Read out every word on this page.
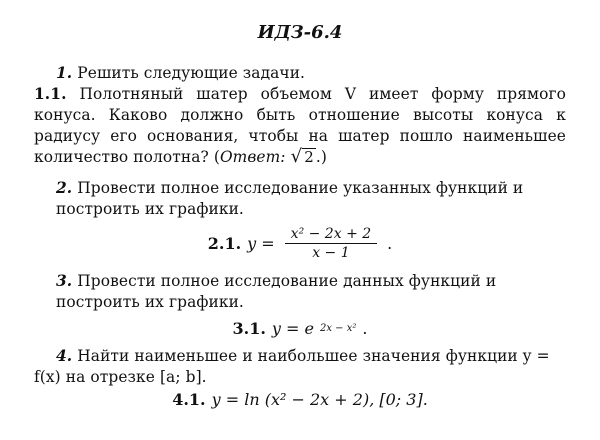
ИДЗ-6.4
1. Решить следующие задачи.
1.1. Полотняный шатер объемом V имеет форму прямого конуса. Каково должно быть отношение высоты конуса к радиусу его основания, чтобы на шатер пошло наименьшее количество полотна? (Ответ: √ 2 .)
2. Провести полное исследование указанных функций и построить их графики.
2.1. $y = \frac{\text{x² − 2x + 2}}{x - 1}$ .
3. Провести полное исследование данных функций и построить их графики.
3.1. y = e 2x − x² .
4. Найти наименьшее и наибольшее значения функции y = f(x) на отрезке [a; b].
4.1. y = ln (x² − 2x + 2), [0; 3].
